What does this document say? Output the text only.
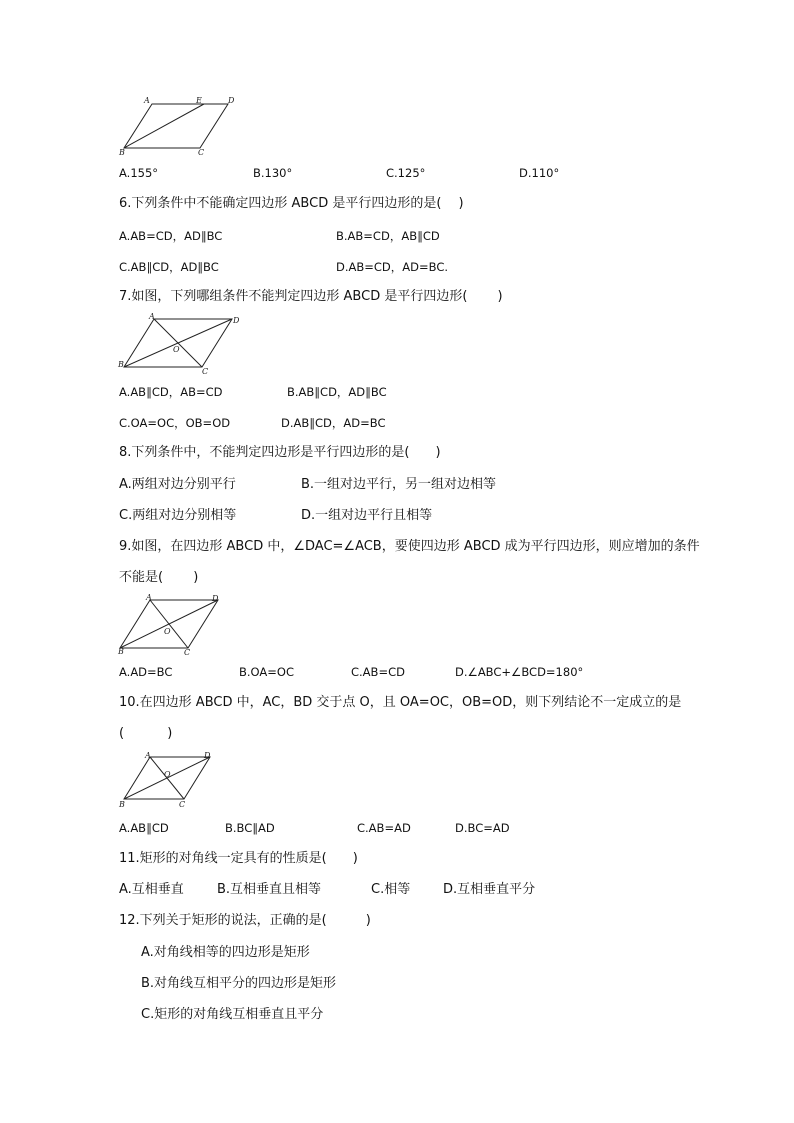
A	E	D
B	C
A.155°	B.130°	C.125°	D.110°
6.下列条件中不能确定四边形 ABCD 是平行四边形的是(　 )
A.AB=CD，AD∥BC	B.AB=CD，AB∥CD
C.AB∥CD，AD∥BC	D.AB=CD，AD=BC.
7.如图，下列哪组条件不能判定四边形 ABCD 是平行四边形(　　 )
A	D
B
O
C
A.AB∥CD，AB=CD	B.AB∥CD，AD∥BC
C.OA=OC，OB=OD	D.AB∥CD，AD=BC
8.下列条件中，不能判定四边形是平行四边形的是(　　)
A.两组对边分别平行	B.一组对边平行，另一组对边相等
C.两组对边分别相等	D.一组对边平行且相等
9.如图，在四边形 ABCD 中，∠DAC=∠ACB，要使四边形 ABCD 成为平行四边形，则应增加的条件
不能是(　　 )
A	D
B
O
C
A.AD=BC	B.OA=OC	C.AB=CD	D.∠ABC+∠BCD=180°
10.在四边形 ABCD 中，AC，BD 交于点 O，且 OA=OC，OB=OD，则下列结论不一定成立的是
(　　　 )
A	D
B
O
C
A.AB∥CD	B.BC∥AD	C.AB=AD	D.BC=AD
11.矩形的对角线一定具有的性质是(　　)
A.互相垂直	B.互相垂直且相等	C.相等	D.互相垂直平分
12.下列关于矩形的说法，正确的是(　　　)
A.对角线相等的四边形是矩形
B.对角线互相平分的四边形是矩形
C.矩形的对角线互相垂直且平分
